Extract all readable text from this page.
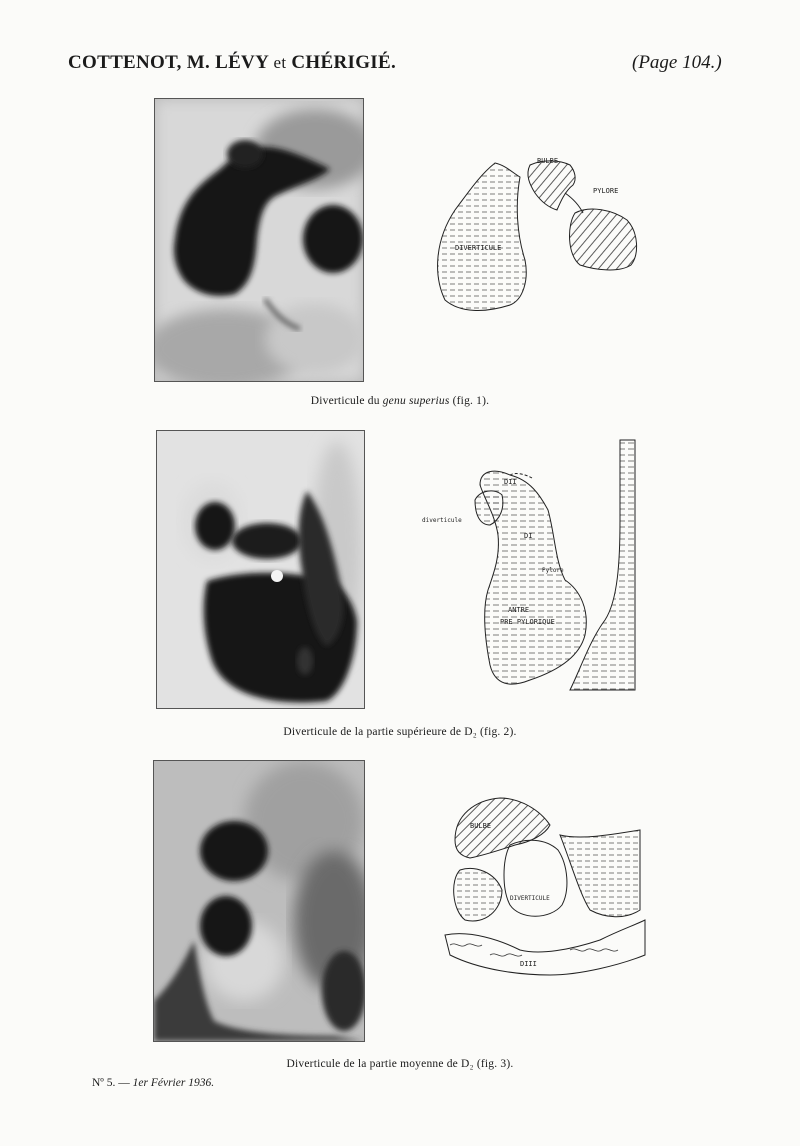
COTTENOT, M. LÉVY et CHÉRIGIÉ.	(Page 104.)
BULBE
PYLORE
DIVERTICULE
Diverticule du genu superius (fig. 1).
DII
diverticule
DI
Pylore
ANTRE
PRE PYLORIQUE
Diverticule de la partie supérieure de D₂ (fig. 2).
BULBE
DIVERTICULE
DIII
Diverticule de la partie moyenne de D₂ (fig. 3).
Nº 5. — 1er Février 1936.
